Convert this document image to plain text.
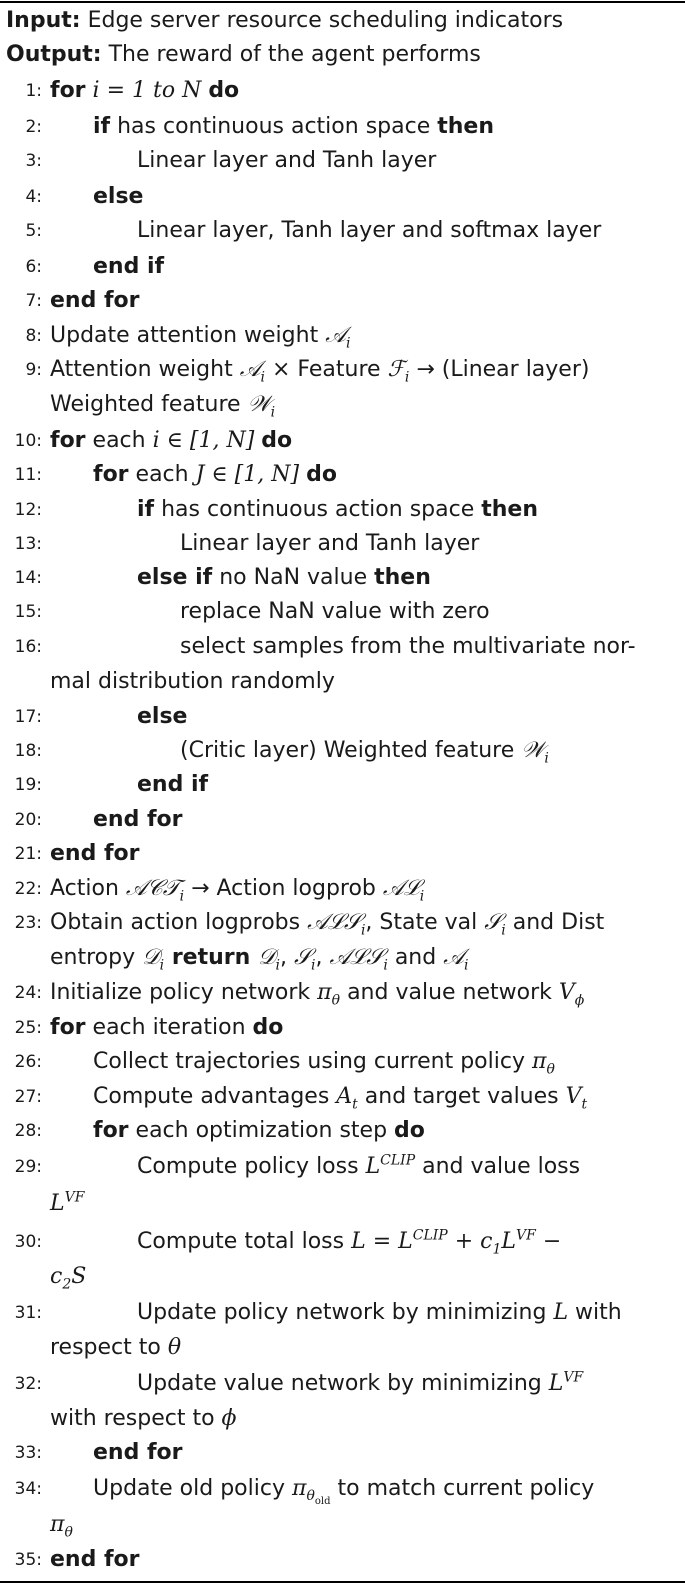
Input: Edge server resource scheduling indicators
Output: The reward of the agent performs
1: for i = 1 to N do
2: if has continuous action space then
3:	Linear layer and Tanh layer
4: else
5:	Linear layer, Tanh layer and softmax layer
6: end if
7: end for
8: Update attention weight 𝒜$_i$
9: Attention weight 𝒜$_i$ × Feature ℱ$_i$ → (Linear layer)
Weighted feature 𝒲$_i$
10: for each i ∈ [1, N] do
11: for each J ∈ [1, N] do
12:	if has continuous action space then
13:	Linear layer and Tanh layer
14:	else if no NaN value then
15:	replace NaN value with zero
16:	select samples from the multivariate nor-
mal distribution randomly
17:	else
18:	(Critic layer) Weighted feature 𝒲$_i$
19:	end if
20: end for
21: end for
22: Action 𝒜𝒞𝒯$_i$ → Action logprob 𝒜ℒ$_i$
23: Obtain action logprobs 𝒜ℒ𝒮$_i$, State val 𝒮$_i$ and Dist
entropy 𝒟$_i$ return 𝒟$_i$, 𝒮$_i$, 𝒜ℒ𝒮$_i$ and 𝒜$_i$
24: Initialize policy network $\pi_\theta$ and value network $V_\phi$
25: for each iteration do
26: Collect trajectories using current policy $\pi_\theta$
27: Compute advantages $A_t$ and target values $V_t$
28: for each optimization step do
29:	Compute policy loss $L^{CLIP}$ and value loss
$L^{VF}$
30:	Compute total loss $L = L^{CLIP} + c_1L^{VF}$ −
$c_2S$
31:	Update policy network by minimizing L with
respect to θ
32:	Update value network by minimizing $L^{VF}$
with respect to ϕ
33: end for
34: Update old policy $\pi_{\theta_{old}}$ to match current policy
$\pi_\theta$
35: end for
